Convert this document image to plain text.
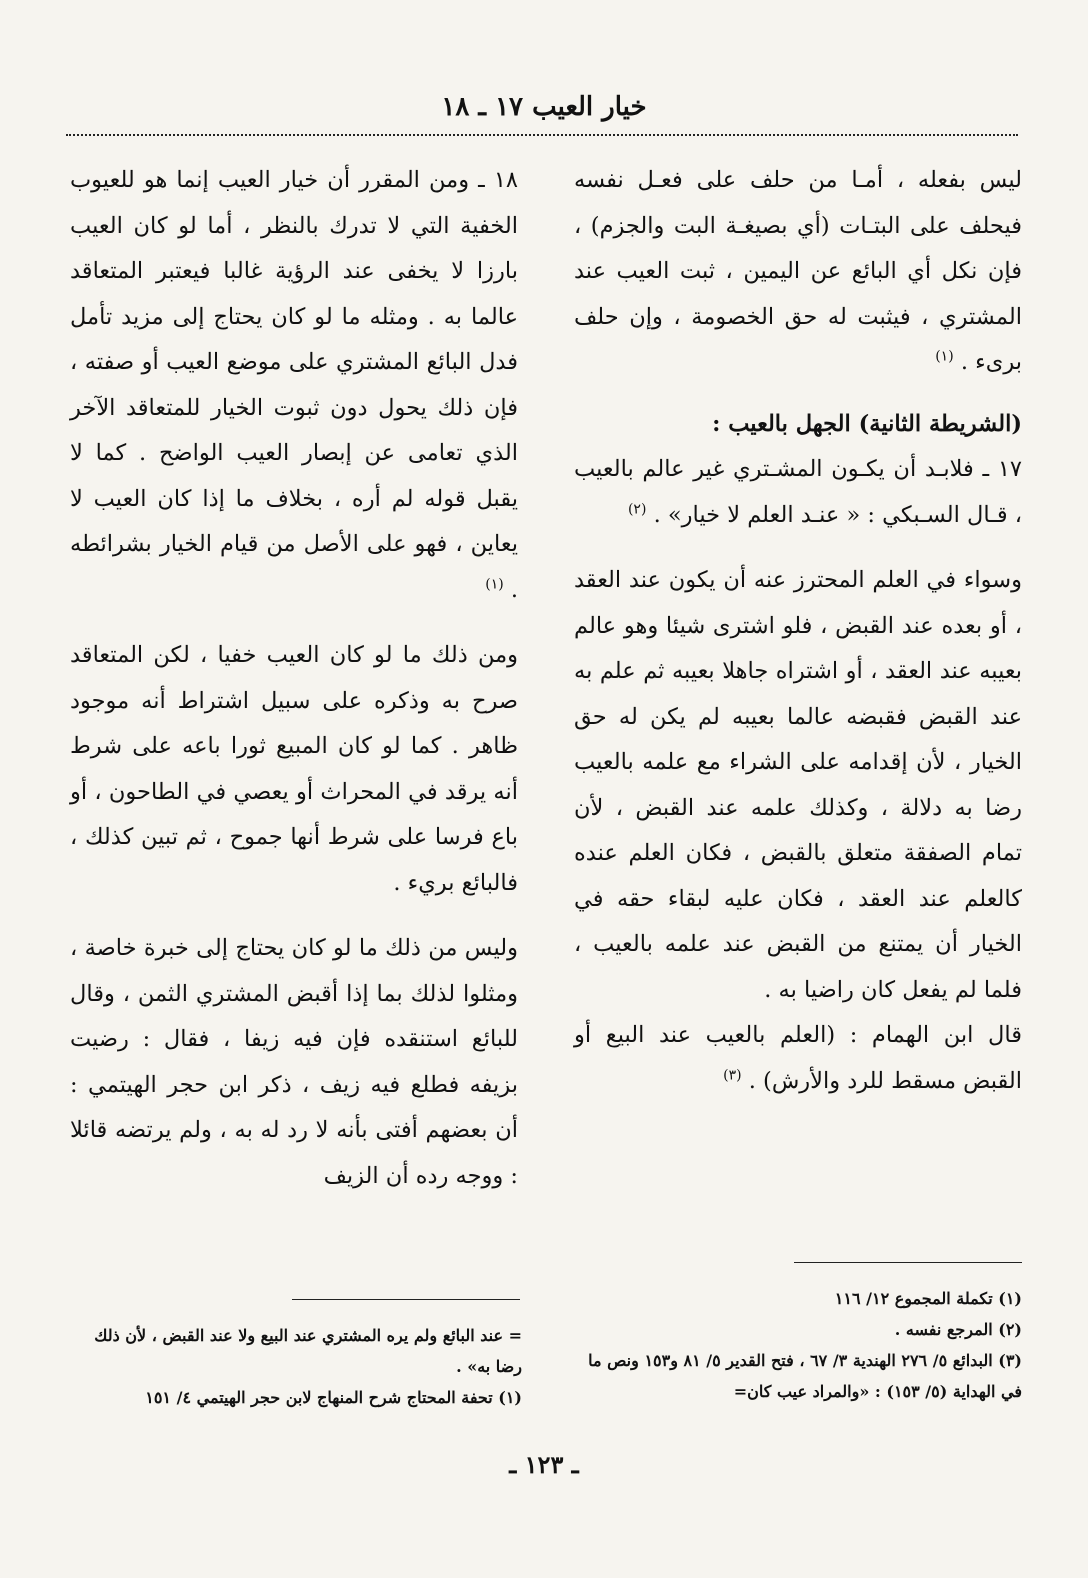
خيار العيب ١٧ ـ ١٨

ليس بفعله ، أمـا من حلف على فعـل نفسه فيحلف على البتـات (أي بصيغـة البت والجزم) ، فإن نكل أي البائع عن اليمين ، ثبت العيب عند المشتري ، فيثبت له حق الخصومة ، وإن حلف برىء . $^{(١)}$

(الشريطة الثانية) الجهل بالعيب :

١٧ ـ فلابـد أن يكـون المشـتري غير عالم بالعيب ، قـال السـبكي : « عنـد العلم لا خيار» . $^{(٢)}$

وسواء في العلم المحترز عنه أن يكون عند العقد ، أو بعده عند القبض ، فلو اشترى شيئا وهو عالم بعيبه عند العقد ، أو اشتراه جاهلا بعيبه ثم علم به عند القبض فقبضه عالما بعيبه لم يكن له حق الخيار ، لأن إقدامه على الشراء مع علمه بالعيب رضا به دلالة ، وكذلك علمه عند القبض ، لأن تمام الصفقة متعلق بالقبض ، فكان العلم عنده كالعلم عند العقد ، فكان عليه لبقاء حقه في الخيار أن يمتنع من القبض عند علمه بالعيب ، فلما لم يفعل كان راضيا به .

قال ابن الهمام : (العلم بالعيب عند البيع أو القبض مسقط للرد والأرش) . $^{(٣)}$

١٨ ـ ومن المقرر أن خيار العيب إنما هو للعيوب الخفية التي لا تدرك بالنظر ، أما لو كان العيب بارزا لا يخفى عند الرؤية غالبا فيعتبر المتعاقد عالما به . ومثله ما لو كان يحتاج إلى مزيد تأمل فدل البائع المشتري على موضع العيب أو صفته ، فإن ذلك يحول دون ثبوت الخيار للمتعاقد الآخر الذي تعامى عن إبصار العيب الواضح . كما لا يقبل قوله لم أره ، بخلاف ما إذا كان العيب لا يعاين ، فهو على الأصل من قيام الخيار بشرائطه . $^{(١)}$

ومن ذلك ما لو كان العيب خفيا ، لكن المتعاقد صرح به وذكره على سبيل اشتراط أنه موجود ظاهر . كما لو كان المبيع ثورا باعه على شرط أنه يرقد في المحراث أو يعصي في الطاحون ، أو باع فرسا على شرط أنها جموح ، ثم تبين كذلك ، فالبائع بريء .

وليس من ذلك ما لو كان يحتاج إلى خبرة خاصة ، ومثلوا لذلك بما إذا أقبض المشتري الثمن ، وقال للبائع استنقده فإن فيه زيفا ، فقال : رضيت بزيفه فطلع فيه زيف ، ذكر ابن حجر الهيتمي : أن بعضهم أفتى بأنه لا رد له به ، ولم يرتضه قائلا : ووجه رده أن الزيف

(١) تكملة المجموع ١٢/ ١١٦

(٢) المرجع نفسه .

(٣) البدائع ٥/ ٢٧٦ الهندية ٣/ ٦٧ ، فتح القدير ٥/ ٨١ و١٥٣ ونص ما في الهداية (٥/ ١٥٣) : «والمراد عيب كان=

= عند البائع ولم يره المشتري عند البيع ولا عند القبض ، لأن ذلك رضا به» .

(١) تحفة المحتاج شرح المنهاج لابن حجر الهيتمي ٤/ ١٥١

ـ ١٢٣ ـ
